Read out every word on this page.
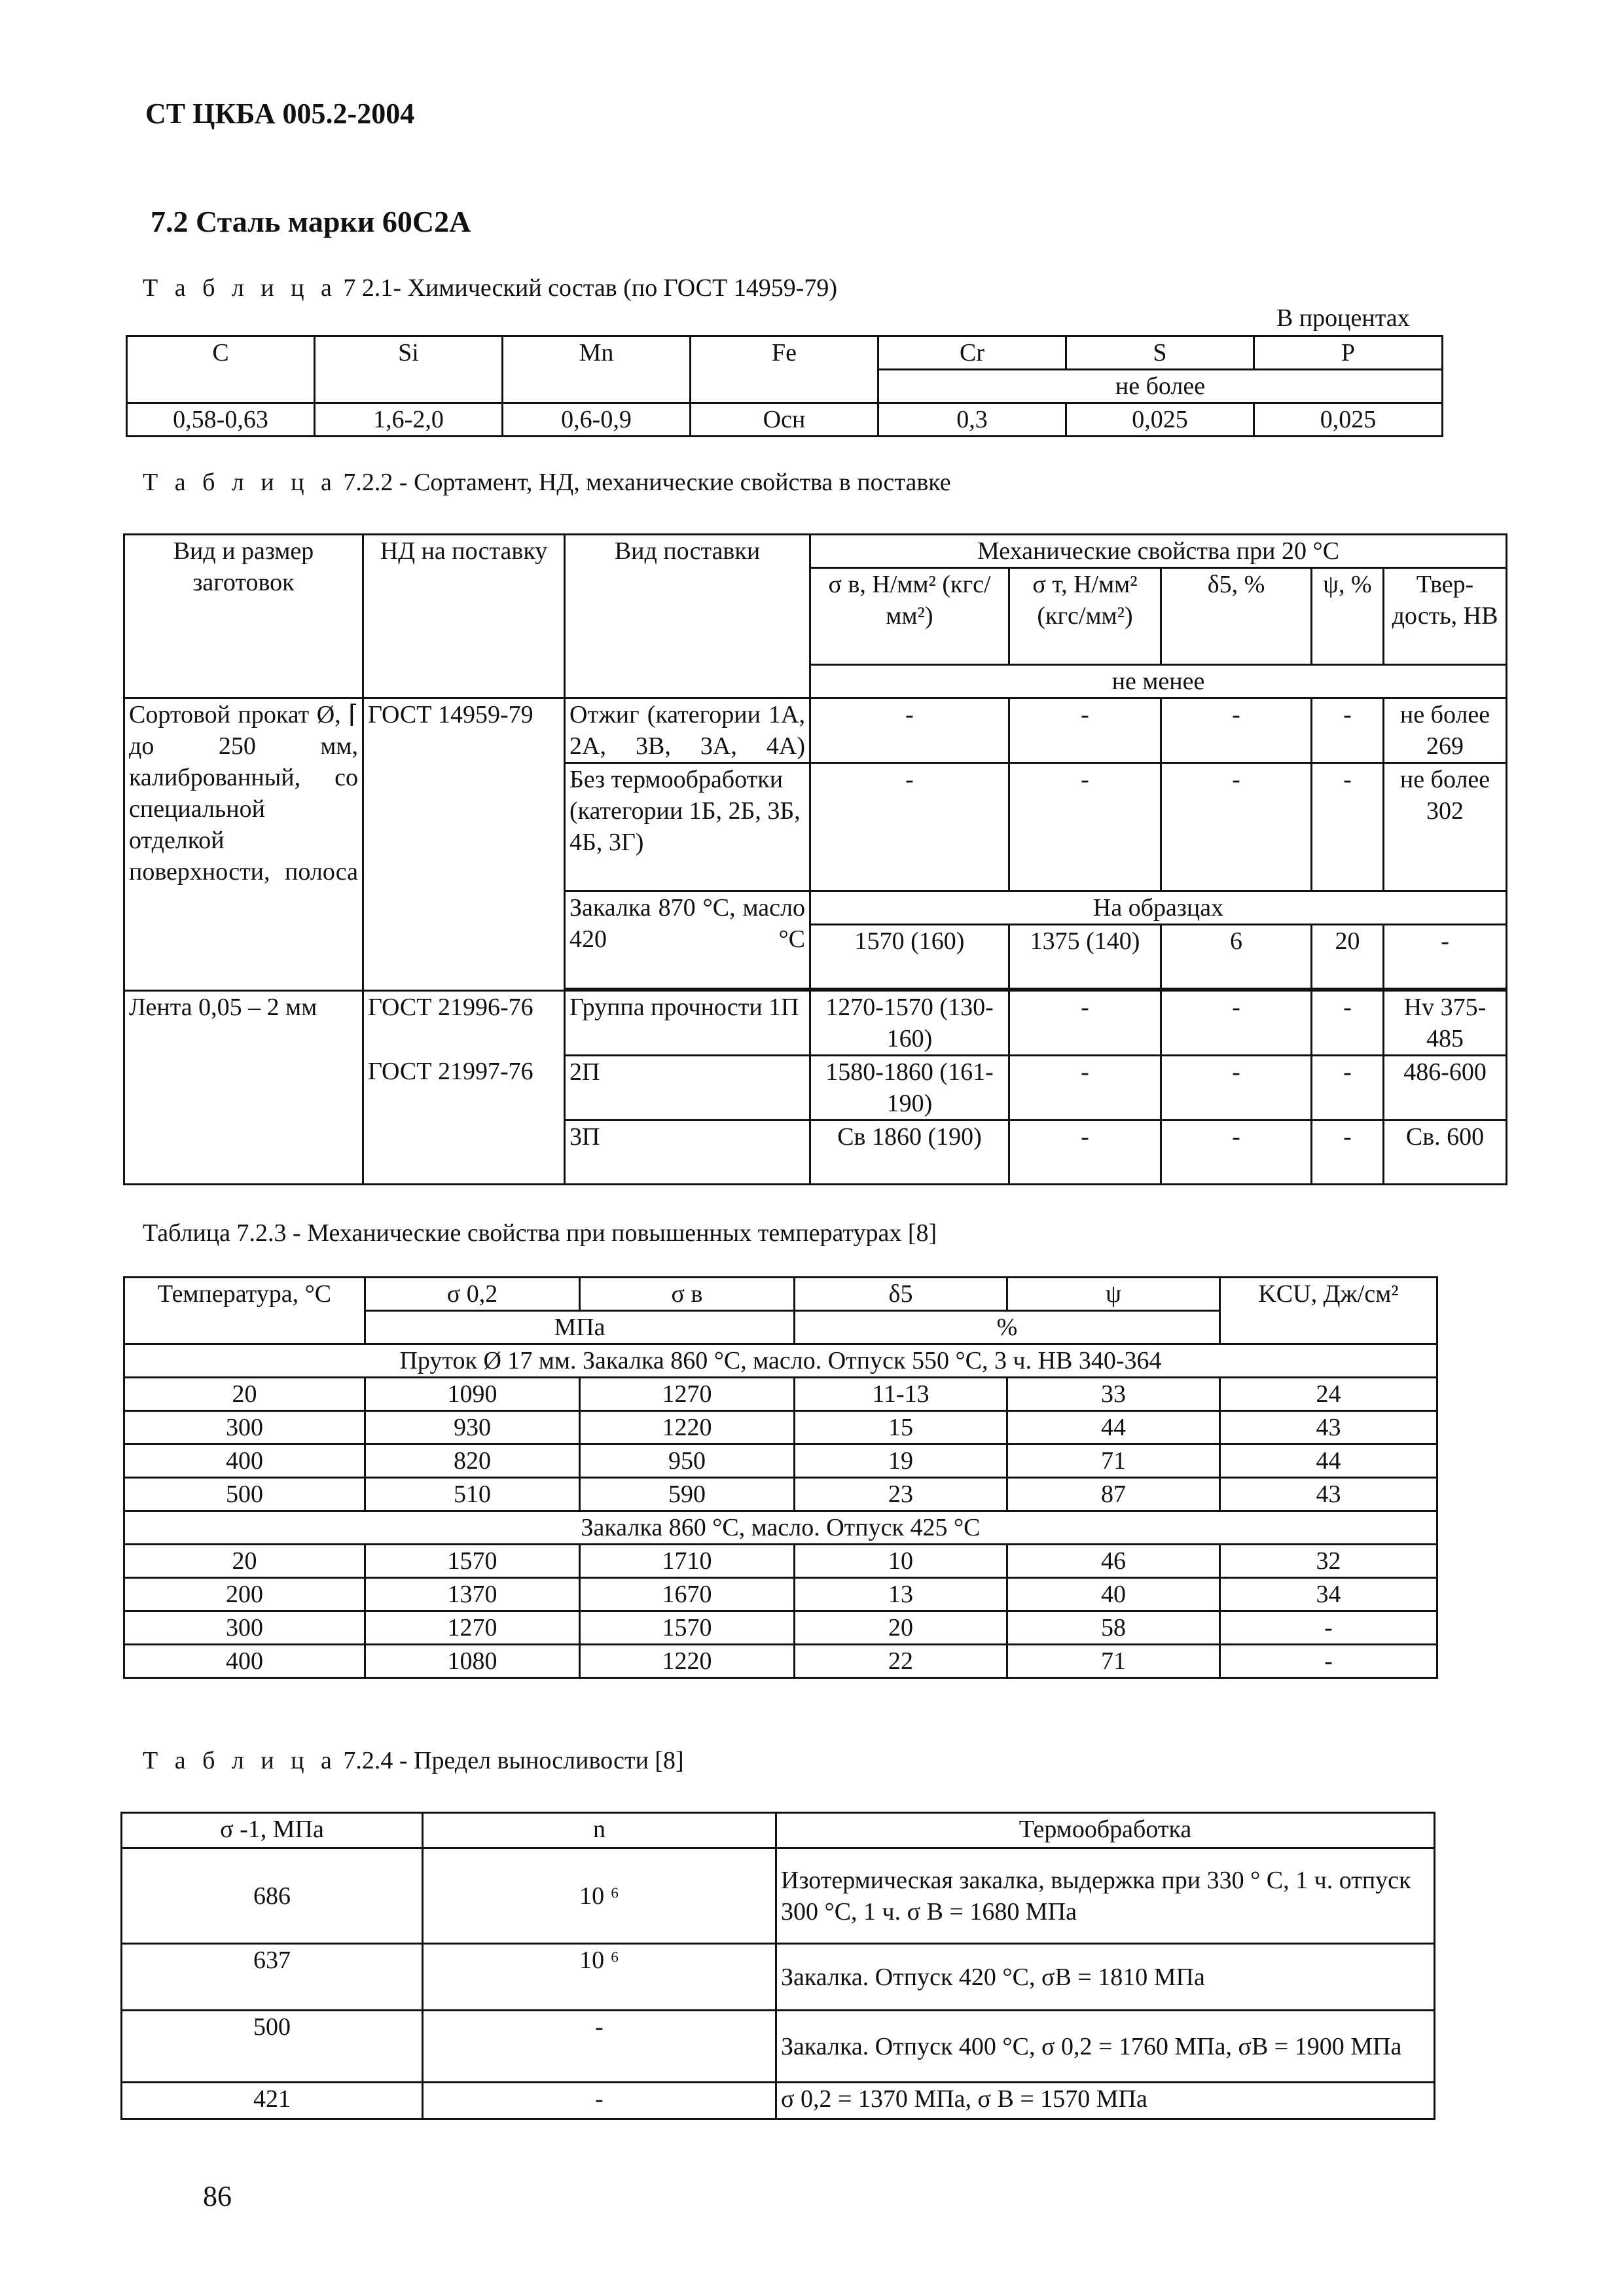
СТ ЦКБА 005.2-2004
7.2 Сталь марки 60С2А
Т а б л и ц а 7 2.1- Химический состав (по ГОСТ 14959-79)
В процентах
C	Si	Mn	Fe	Cr	S	P
				не более		
0,58-0,63	1,6-2,0	0,6-0,9	Осн	0,3	0,025	0,025
Т а б л и ц а 7.2.2 - Сортамент, НД, механические свойства в поставке
Вид и размер заготовок	НД на поставку	Вид поставки	Механические свойства при 20 °С				
			σ в, Н/мм² (кгс/мм²)	σ т, Н/мм² (кгс/мм²)	δ5, %	ψ, %	Твер- дость, НВ
			не менее				

Сортовой прокат Ø, ⌈ до 250 мм, калиброванный, со специальной отделкой поверхности, полоса	ГОСТ 14959-79	Отжиг (категории 1А, 2А, 3В, 3А, 4А)	-	-	-	-	не более 269
		Без термообработки (категории 1Б, 2Б, 3Б, 4Б, 3Г)	-	-	-	-	не более 302

		Закалка 870 °С, масло 420 °С	На образцах				
			1570 (160)	1375 (140)	6	20	-

Лента 0,05 – 2 мм	ГОСТ 21996-76	Группа прочности 1П	1270-1570 (130-160)	-	-	-	Hv 375-485
	ГОСТ 21997-76	2П	1580-1860 (161-190)	-	-	-	486-600
		3П	Св 1860 (190)	-	-	-	Св. 600
Таблица 7.2.3 - Механические свойства при повышенных температурах [8]
Температура, °С	σ 0,2	σ в	δ5	ψ	KCU, Дж/см²
	МПа		%		
Пруток Ø 17 мм. Закалка 860 °С, масло. Отпуск 550 °С, 3 ч. НВ 340-364					
20	1090	1270	11-13	33	24
300	930	1220	15	44	43
400	820	950	19	71	44
500	510	590	23	87	43
Закалка 860 °С, масло. Отпуск 425 °С					
20	1570	1710	10	46	32
200	1370	1670	13	40	34
300	1270	1570	20	58	-
400	1080	1220	22	71	-
Т а б л и ц а 7.2.4 - Предел выносливости [8]
σ -1, МПа	n	Термообработка
686	10 ⁶	Изотермическая закалка, выдержка при 330 ° С, 1 ч. отпуск 300 °С, 1 ч. σ В = 1680 МПа
637	10 ⁶	Закалка. Отпуск 420 °С, σВ = 1810 МПа
500	-	Закалка. Отпуск 400 °С, σ 0,2 = 1760 МПа, σВ = 1900 МПа
421	-	σ 0,2 = 1370 МПа, σ В = 1570 МПа
86
